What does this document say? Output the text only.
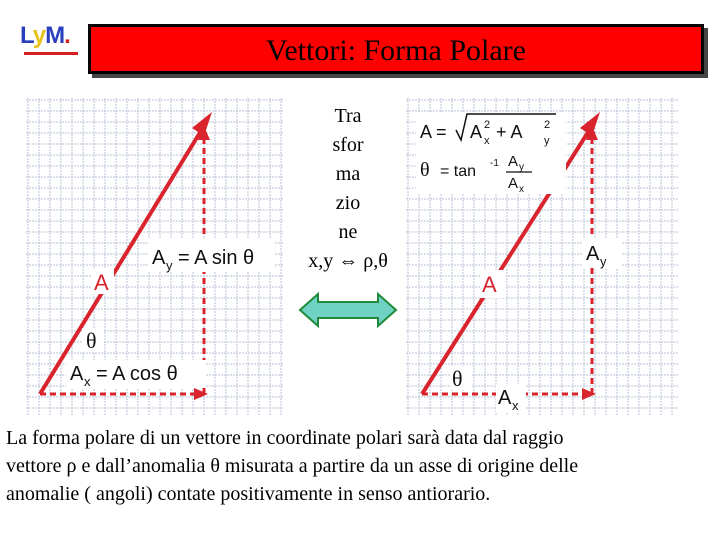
LyM.	Vettori: Forma Polare
A y = A sin θ
A
θ
A x = A cos θ
Tra
sfor
ma
zio
ne
x,y ⇔ ρ,θ
A = A 2
x + A 2
y
θ = tan -1 A y
A x
A y
A
θ
A x
La forma polare di un vettore in coordinate polari sarà data dal raggio
vettore ρ e dall’anomalia θ misurata a partire da un asse di origine delle
anomalie ( angoli) contate positivamente in senso antiorario.
